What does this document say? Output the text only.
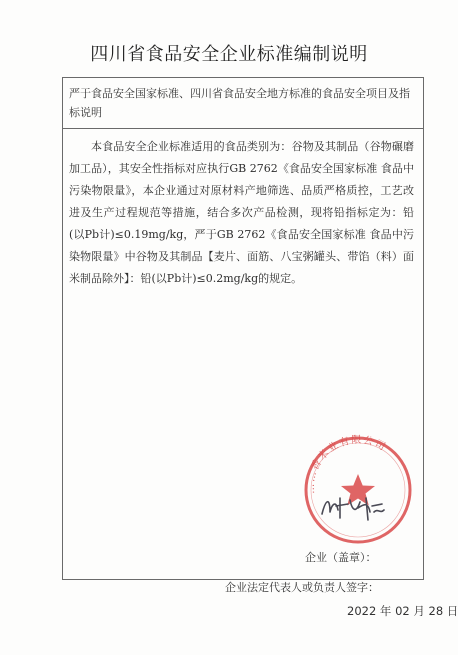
四川省食品安全企业标准编制说明
严于食品安全国家标准、四川省食品安全地方标准的食品安全项目及指标说明
本食品安全企业标准适用的食品类别为：谷物及其制品（谷物碾磨加工品），其安全性指标对应执行GB 2762《食品安全国家标准 食品中污染物限量》，本企业通过对原材料产地筛选、品质严格质控，工艺改进及生产过程规范等措施，结合多次产品检测，现将铅指标定为：铅(以Pb计)≤0.19mg/kg，严于GB 2762《食品安全国家标准 食品中污染物限量》中谷物及其制品【麦片、面筋、八宝粥罐头、带馅（料）面米制品除外】：铅(以Pb计)≤0.2mg/kg的规定。
企业（盖章）：
企业法定代表人或负责人签字：
2022 年 02 月 28 日
……香米业有限公司
